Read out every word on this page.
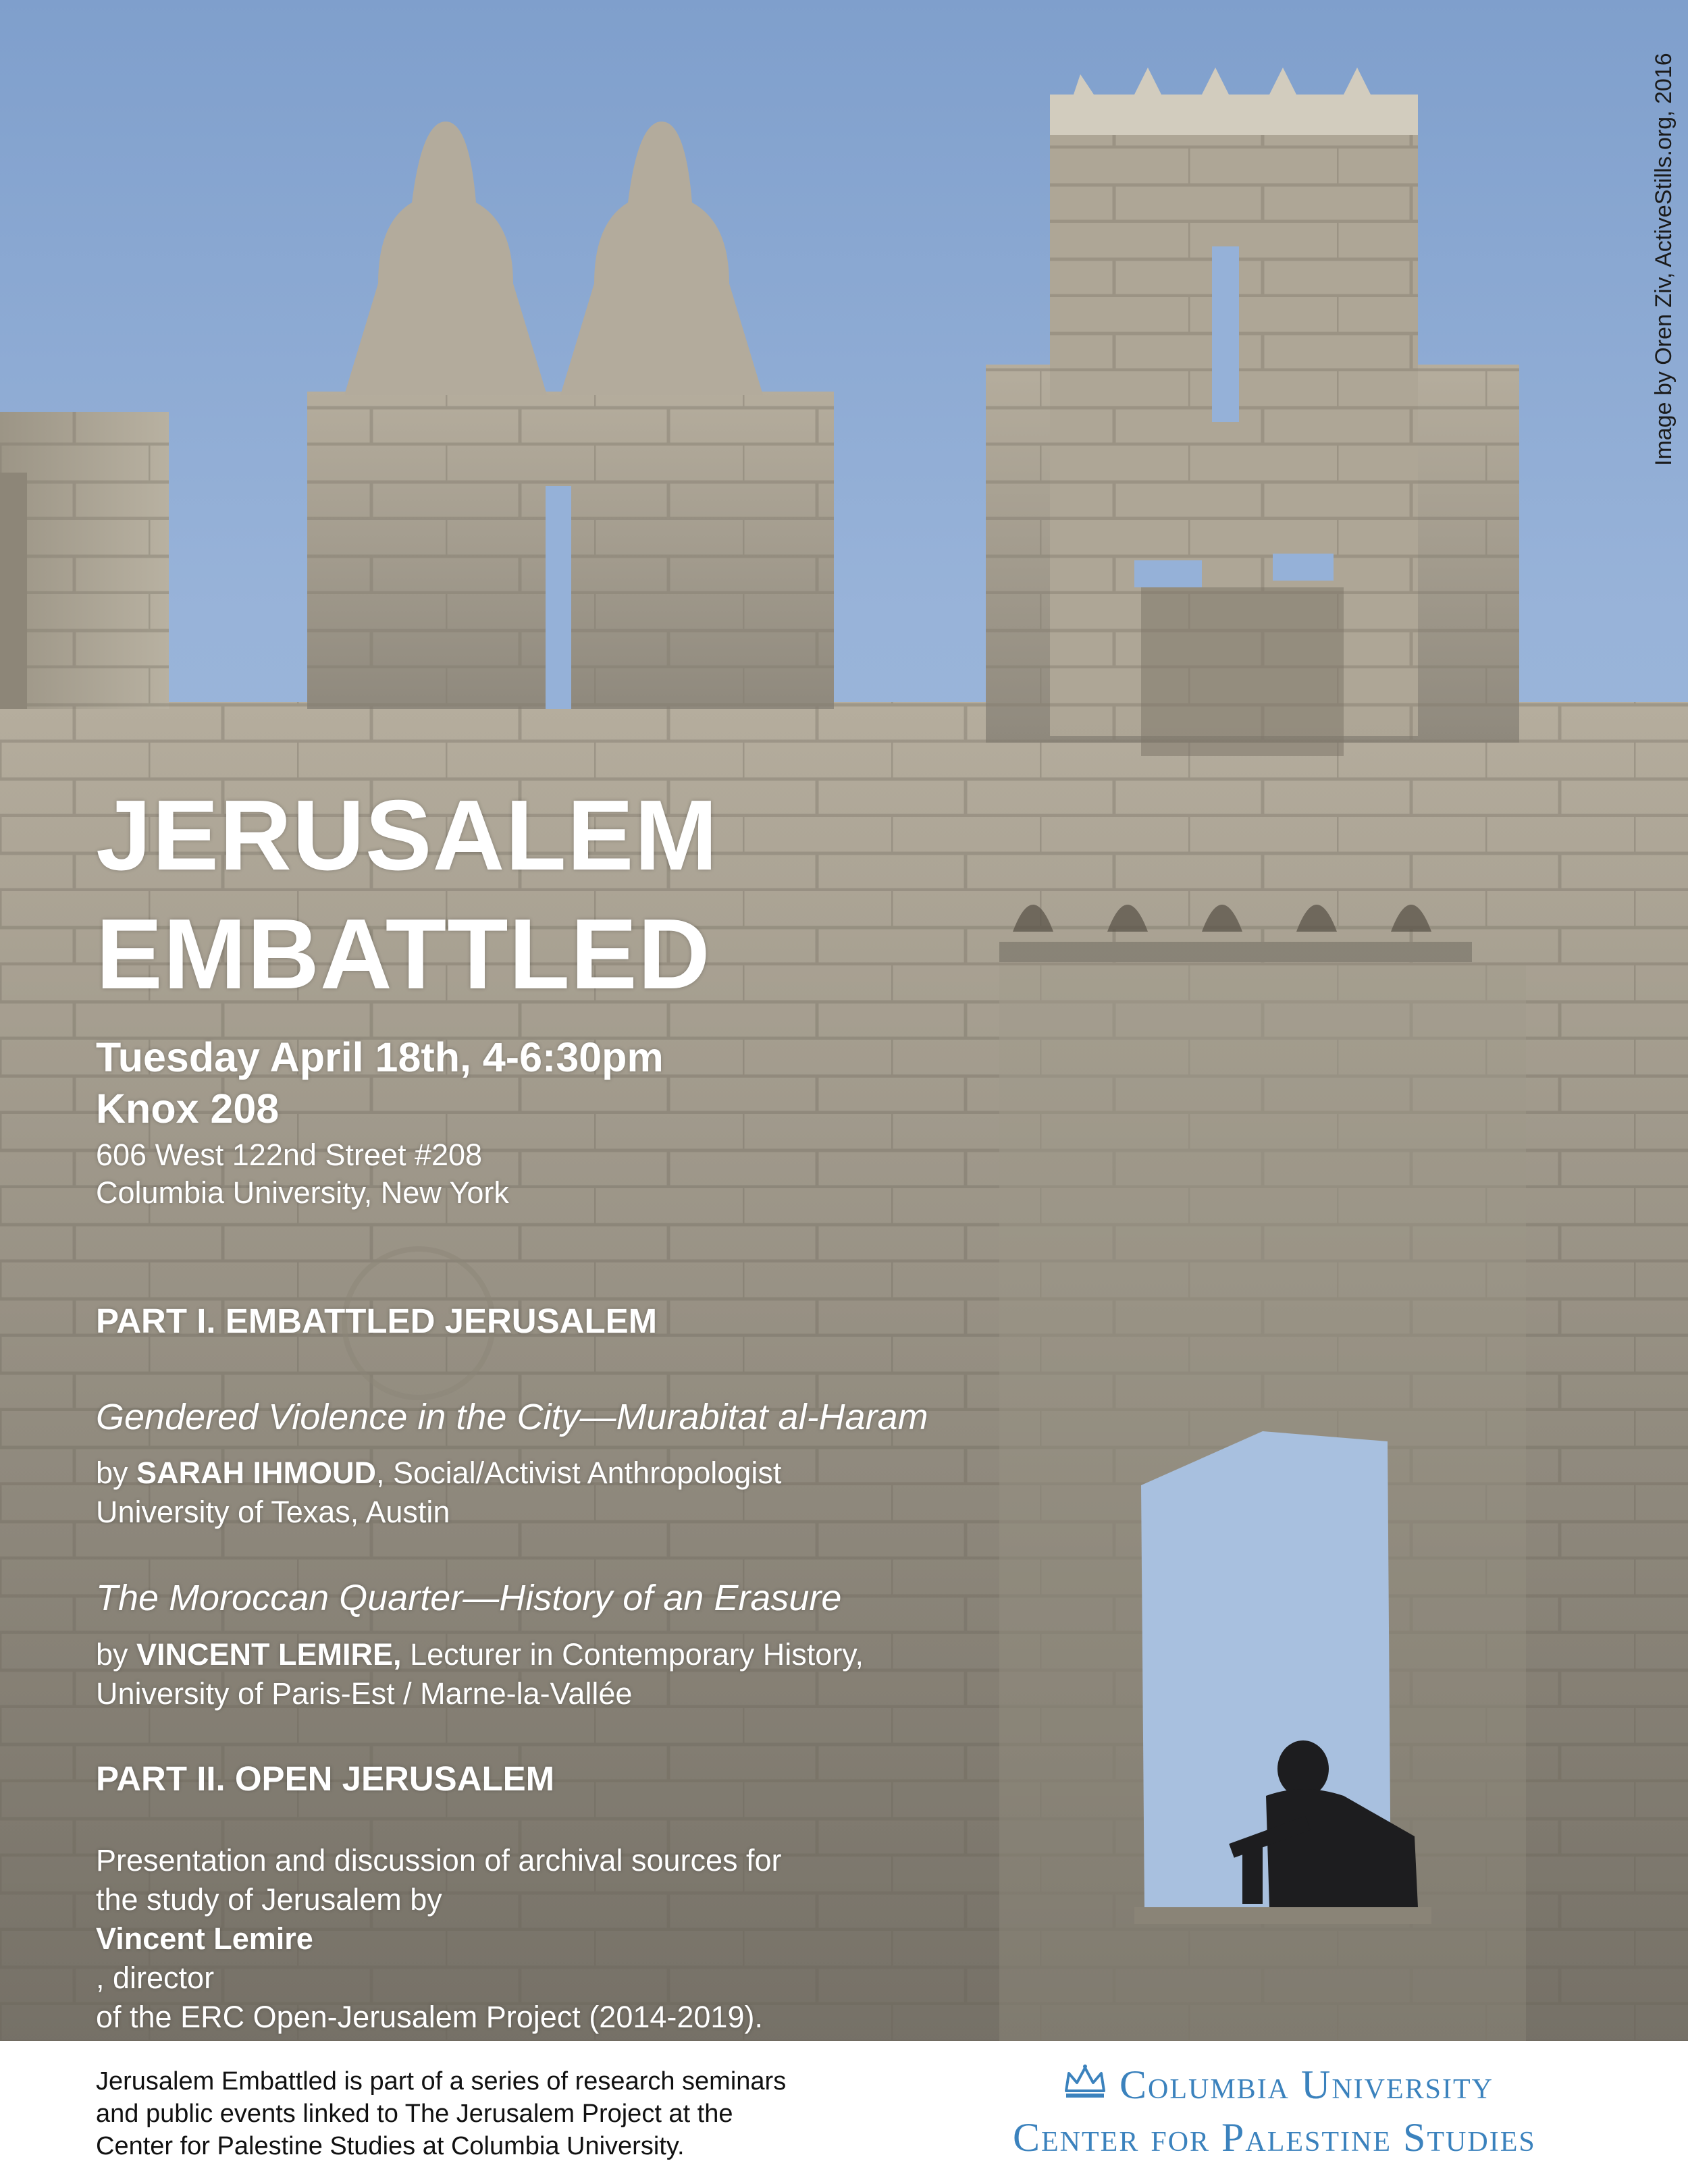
JERUSALEM
EMBATTLED

Tuesday April 18th, 4-6:30pm

Knox 208

606 West 122nd Street #208

Columbia University, New York

PART I. EMBATTLED JERUSALEM

Gendered Violence in the City—Murabitat al-Haram

by SARAH IHMOUD, Social/Activist Anthropologist

University of Texas, Austin

The Moroccan Quarter—History of an Erasure

by VINCENT LEMIRE, Lecturer in Contemporary History,

University of Paris-Est / Marne-la-Vallée

PART II. OPEN JERUSALEM

Presentation and discussion of archival sources for
the study of Jerusalem by
Vincent Lemire
, director
of the ERC Open-Jerusalem Project (2014-2019).

Image by Oren Ziv, ActiveStills.org, 2016

Jerusalem Embattled is part of a series of research seminars
and public events linked to The Jerusalem Project at the
Center for Palestine Studies at Columbia University.

Columbia University
Center for Palestine Studies
